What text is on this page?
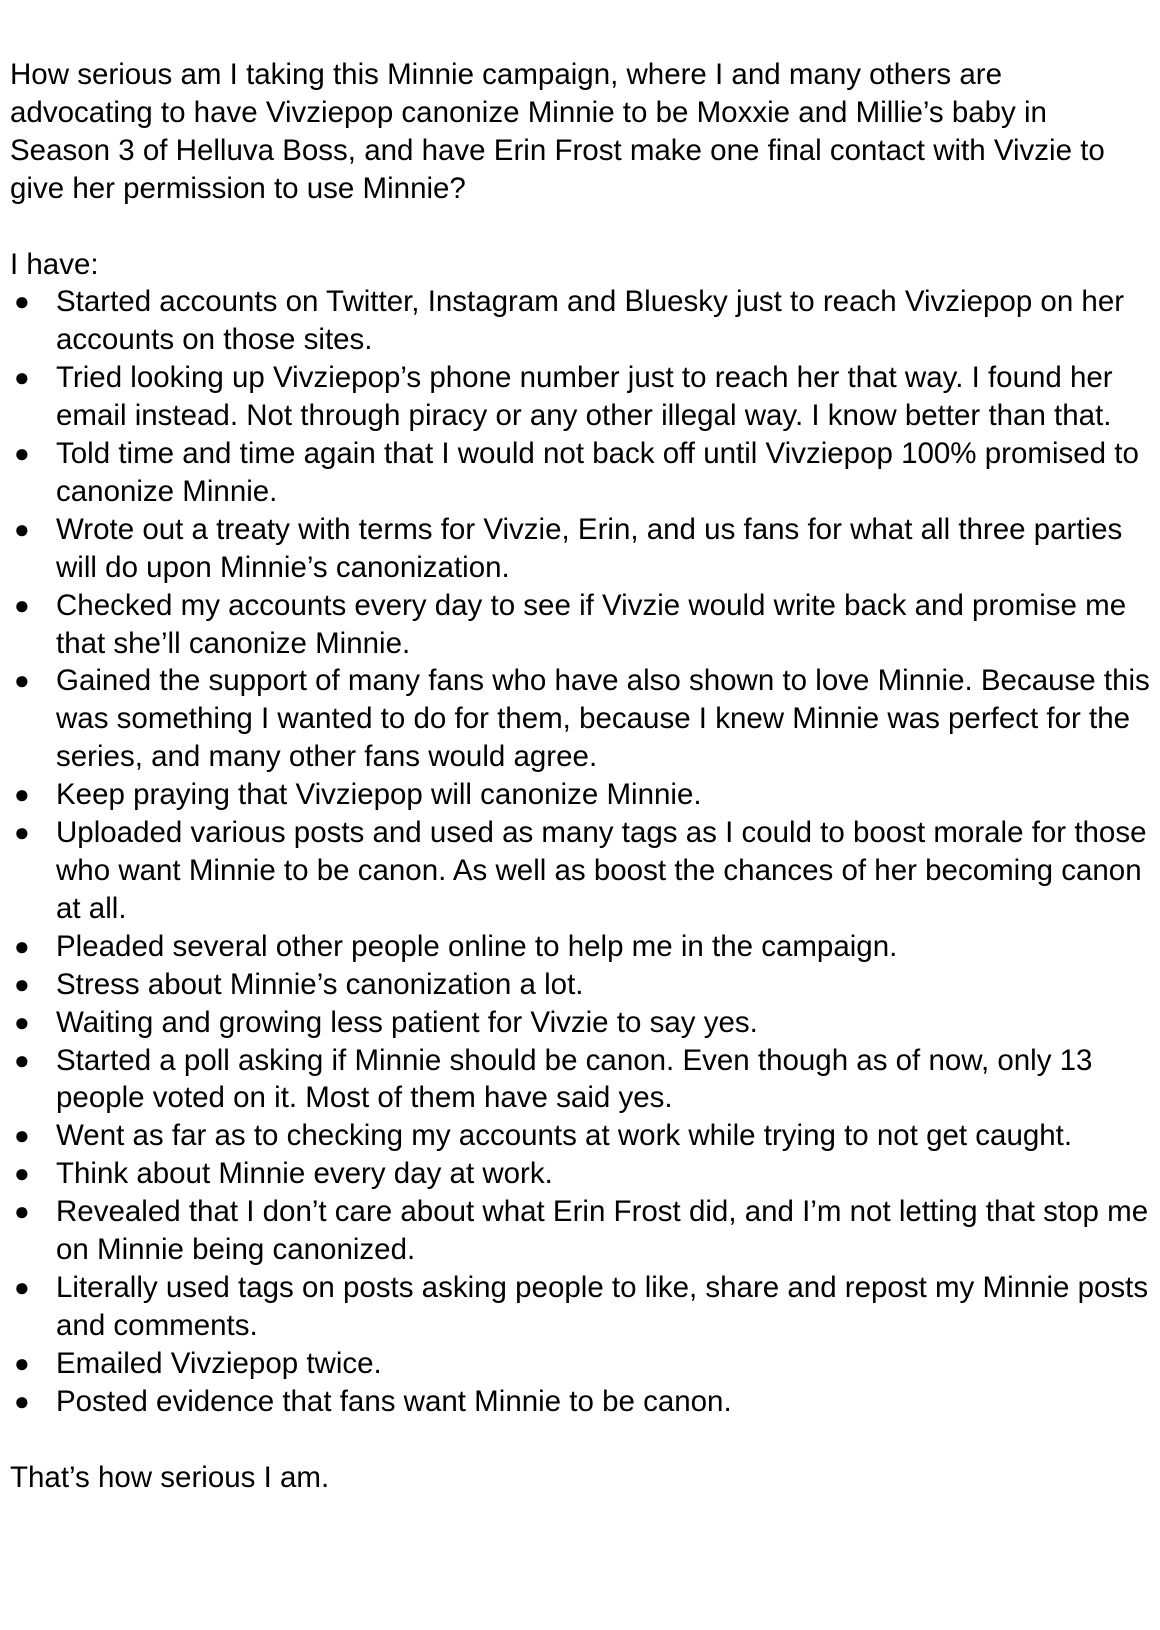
How serious am I taking this Minnie campaign, where I and many others are advocating to have Vivziepop canonize Minnie to be Moxxie and Millie’s baby in Season 3 of Helluva Boss, and have Erin Frost make one final contact with Vivzie to give her permission to use Minnie?

I have:

● Started accounts on Twitter, Instagram and Bluesky just to reach Vivziepop on her accounts on those sites.
● Tried looking up Vivziepop’s phone number just to reach her that way. I found her email instead. Not through piracy or any other illegal way. I know better than that.
● Told time and time again that I would not back off until Vivziepop 100% promised to canonize Minnie.
● Wrote out a treaty with terms for Vivzie, Erin, and us fans for what all three parties will do upon Minnie’s canonization.
● Checked my accounts every day to see if Vivzie would write back and promise me that she’ll canonize Minnie.
● Gained the support of many fans who have also shown to love Minnie. Because this was something I wanted to do for them, because I knew Minnie was perfect for the series, and many other fans would agree.
● Keep praying that Vivziepop will canonize Minnie.
● Uploaded various posts and used as many tags as I could to boost morale for those who want Minnie to be canon. As well as boost the chances of her becoming canon at all.
● Pleaded several other people online to help me in the campaign.
● Stress about Minnie’s canonization a lot.
● Waiting and growing less patient for Vivzie to say yes.
● Started a poll asking if Minnie should be canon. Even though as of now, only 13 people voted on it. Most of them have said yes.
● Went as far as to checking my accounts at work while trying to not get caught.
● Think about Minnie every day at work.
● Revealed that I don’t care about what Erin Frost did, and I’m not letting that stop me on Minnie being canonized.
● Literally used tags on posts asking people to like, share and repost my Minnie posts and comments.
● Emailed Vivziepop twice.
● Posted evidence that fans want Minnie to be canon.

That’s how serious I am.
